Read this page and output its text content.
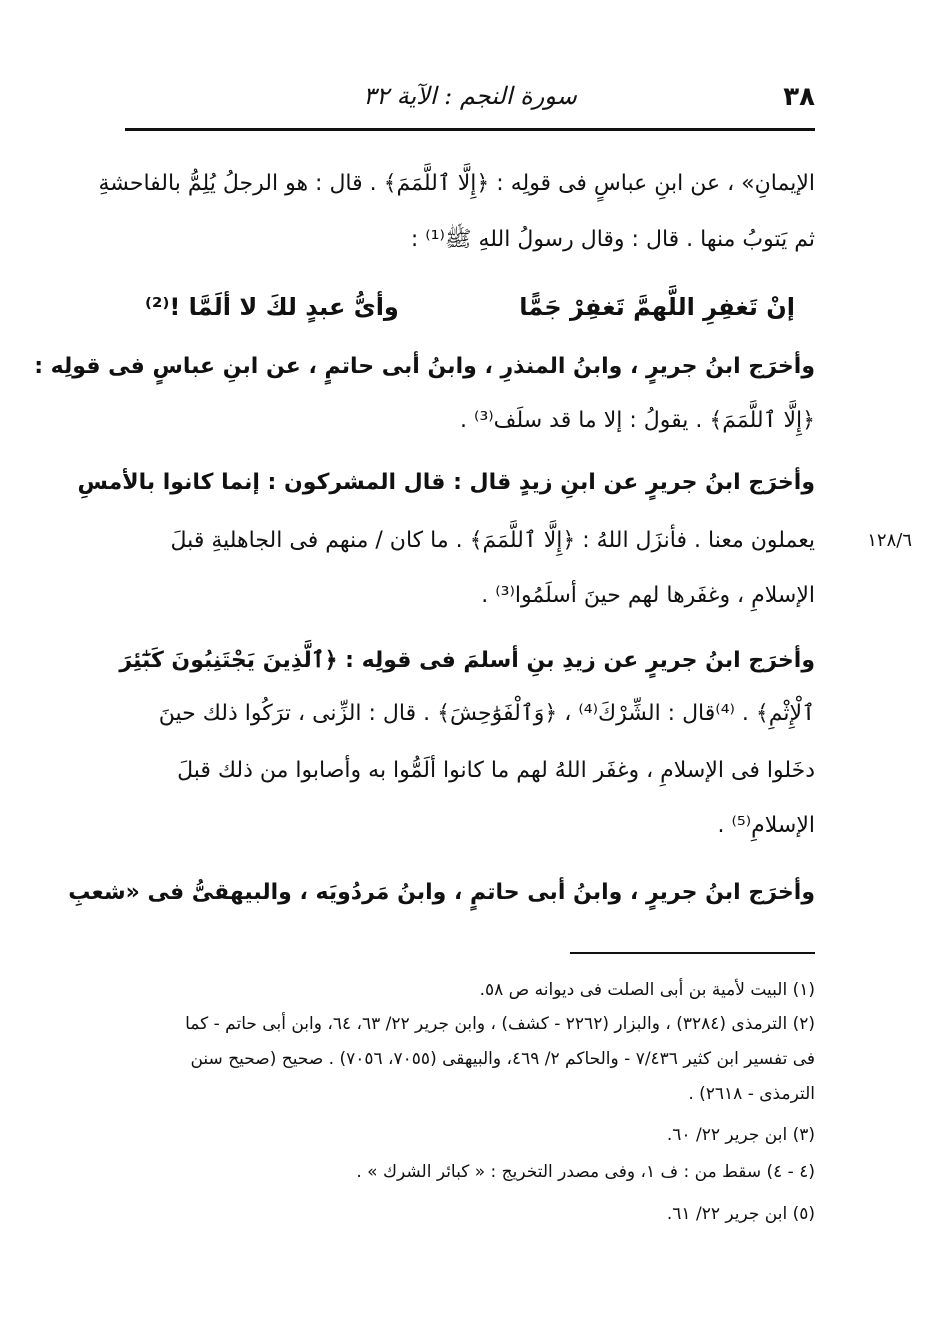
٣٨
سورة النجم : الآية ٣٢
الإيمانِ» ، عن ابنِ عباسٍ فى قولِه : ﴿إِلَّا ٱللَّمَمَ﴾ . قال : هو الرجلُ يُلِمُّ بالفاحشةِ
ثم يَتوبُ منها . قال : وقال رسولُ اللهِ ﷺ⁽¹⁾ :
إنْ تَغفِرِ اللَّهمَّ تَغفِرْ جَمًّا
وأىُّ عبدٍ لكَ لا ألَمَّا !⁽²⁾
وأخرَج ابنُ جريرٍ ، وابنُ المنذرِ ، وابنُ أبى حاتمٍ ، عن ابنِ عباسٍ فى قولِه :
﴿إِلَّا ٱللَّمَمَ﴾ . يقولُ : إلا ما قد سلَف⁽³⁾ .
وأخرَج ابنُ جريرٍ عن ابنِ زيدٍ قال : قال المشركون : إنما كانوا بالأمسِ
يعملون معنا . فأنزَل اللهُ : ﴿إِلَّا ٱللَّمَمَ﴾ . ما كان / منهم فى الجاهليةِ قبلَ	١٢٨/٦
الإسلامِ ، وغفَرها لهم حينَ أسلَمُوا⁽³⁾ .
وأخرَج ابنُ جريرٍ عن زيدِ بنِ أسلمَ فى قولِه : ﴿ٱلَّذِينَ يَجْتَنِبُونَ كَبَٰٓئِرَ
ٱلْإِثْمِ﴾ . ⁽⁴⁾قال : الشِّرْكَ⁽⁴⁾ ، ﴿وَٱلْفَوَٰحِشَ﴾ . قال : الزِّنى ، ترَكُوا ذلك حينَ
دخَلوا فى الإسلامِ ، وغفَر اللهُ لهم ما كانوا ألَمُّوا به وأصابوا من ذلك قبلَ
الإسلامِ⁽⁵⁾ .
وأخرَج ابنُ جريرٍ ، وابنُ أبى حاتمٍ ، وابنُ مَردُويَه ، والبيهقىُّ فى «شعبِ
(١) البيت لأمية بن أبى الصلت فى ديوانه ص ٥٨.
(٢) الترمذى (٣٢٨٤) ، والبزار (٢٢٦٢ - كشف) ، وابن جرير ٢٢/ ٦٣، ٦٤، وابن أبى حاتم - كما
فى تفسير ابن كثير ٧/٤٣٦ - والحاكم ٢/ ٤٦٩، والبيهقى (٧٠٥٥، ٧٠٥٦) . صحيح (صحيح سنن
الترمذى - ٢٦١٨) .
(٣) ابن جرير ٢٢/ ٦٠.
(٤ - ٤) سقط من : ف ١، وفى مصدر التخريج : « كبائر الشرك » .
(٥) ابن جرير ٢٢/ ٦١.
